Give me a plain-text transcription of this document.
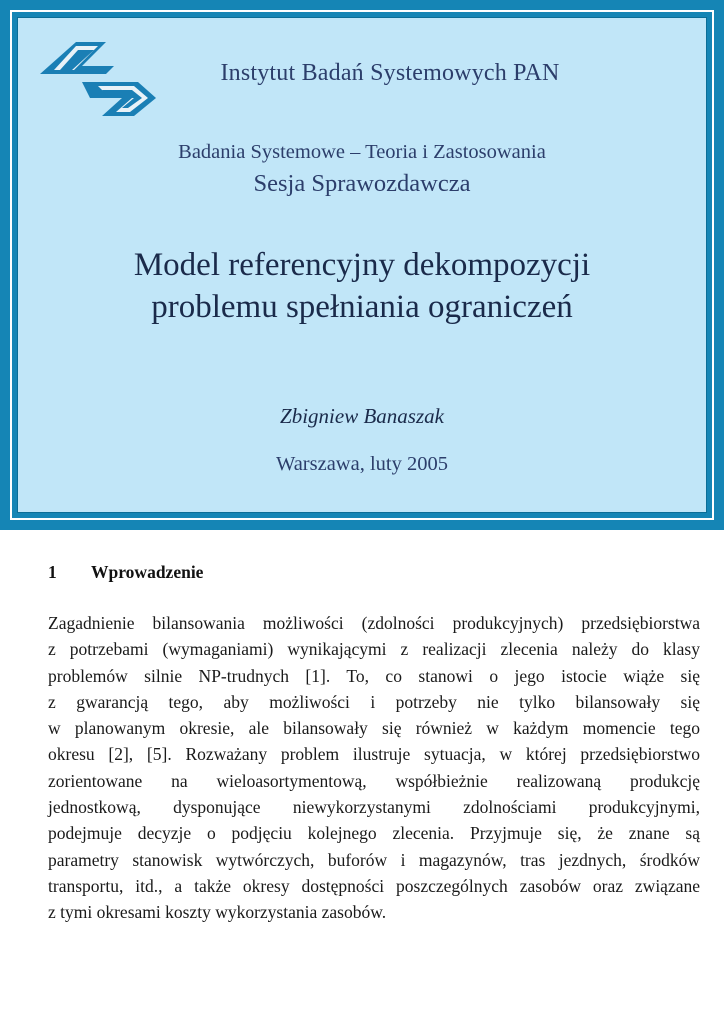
Instytut Badań Systemowych PAN
Badania Systemowe – Teoria i Zastosowania
Sesja Sprawozdawcza
Model referencyjny dekompozycji
problemu spełniania ograniczeń
Zbigniew Banaszak
Warszawa, luty 2005
1 Wprowadzenie
Zagadnienie bilansowania możliwości (zdolności produkcyjnych) przedsiębiorstwa
z potrzebami (wymaganiami) wynikającymi z realizacji zlecenia należy do klasy
problemów silnie NP-trudnych [1]. To, co stanowi o jego istocie wiąże się
z gwarancją tego, aby możliwości i potrzeby nie tylko bilansowały się
w planowanym okresie, ale bilansowały się również w każdym momencie tego
okresu [2], [5]. Rozważany problem ilustruje sytuacja, w której przedsiębiorstwo
zorientowane na wieloasortymentową, współbieżnie realizowaną produkcję
jednostkową, dysponujące niewykorzystanymi zdolnościami produkcyjnymi,
podejmuje decyzje o podjęciu kolejnego zlecenia. Przyjmuje się, że znane są
parametry stanowisk wytwórczych, buforów i magazynów, tras jezdnych, środków
transportu, itd., a także okresy dostępności poszczególnych zasobów oraz związane
z tymi okresami koszty wykorzystania zasobów.
